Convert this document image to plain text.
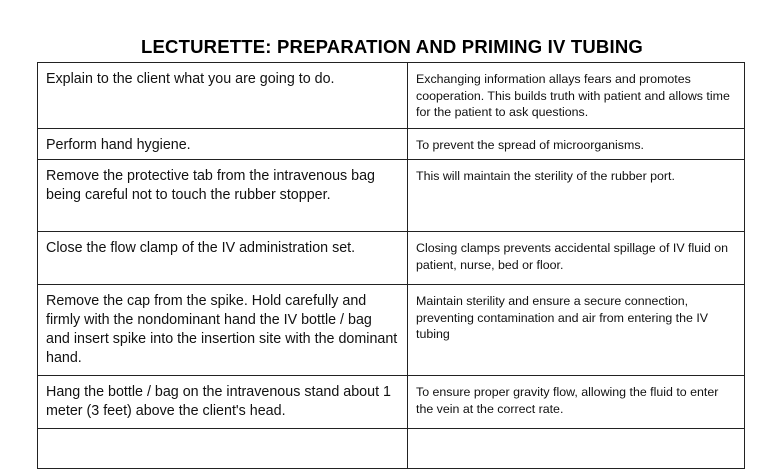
LECTURETTE: PREPARATION AND PRIMING IV TUBING
Explain to the client what you are going to do.	Exchanging information allays fears and promotes cooperation. This builds truth with patient and allows time for the patient to ask questions.

Perform hand hygiene.	To prevent the spread of microorganisms.

Remove the protective tab from the intravenous bag being careful not to touch the rubber stopper.	This will maintain the sterility of the rubber port.

Close the flow clamp of the IV administration set.	Closing clamps prevents accidental spillage of IV fluid on patient, nurse, bed or floor.

Remove the cap from the spike. Hold carefully and firmly with the nondominant hand the IV bottle / bag and insert spike into the insertion site with the dominant hand.	Maintain sterility and ensure a secure connection, preventing contamination and air from entering the IV tubing

Hang the bottle / bag on the intravenous stand about 1 meter (3 feet) above the client's head.	To ensure proper gravity flow, allowing the fluid to enter the vein at the correct rate.
